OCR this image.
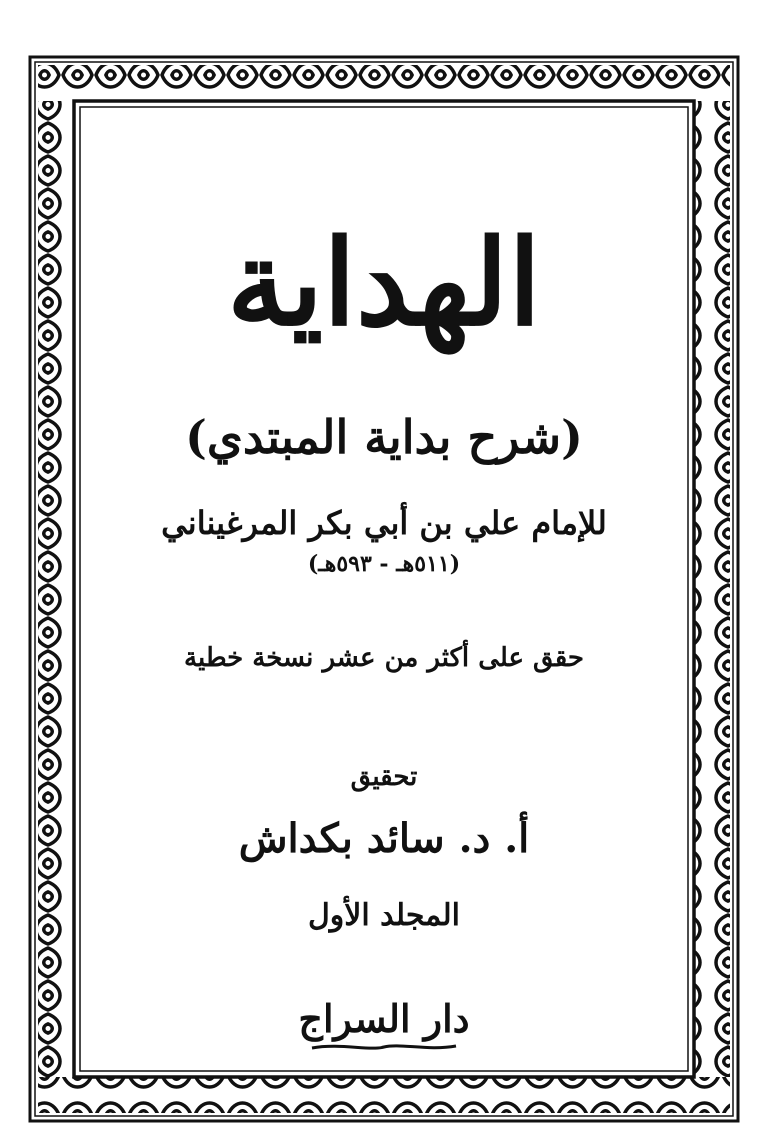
الهداية
(شرح بداية المبتدي)
للإمام علي بن أبي بكر المرغيناني
(٥١١هـ - ٥٩٣هـ)
حقق على أكثر من عشر نسخة خطية
تحقيق
أ. د. سائد بكداش
المجلد الأول
دار السراج
